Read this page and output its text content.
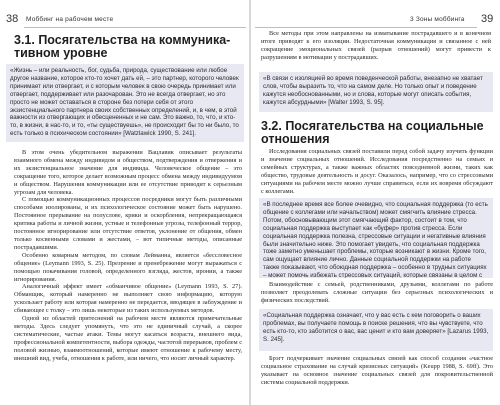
38 Моббинг на рабочем месте
3.1. Посягательства на коммуника-
тивном уровне
«Жизнь – или реальность, бог, судьба, природа, существование или любое другое название, которое кто-то хочет дать ей, – это партнер, которого человек принимает или отвергает, и с которым человек в свою очередь принимает или отвергает, поддерживает или разочарован. Это не всегда отвергает, но это просто не может оставаться в стороне без потери себя от этого экзистенциального партнера своих собственных определений, и, в чем, в этой важности из отвергающих и обесцененных и не сам. Это важно, то, что, и кто-то, в жизни, в нас-то, и то, «ты существуешь», не происходит бы то ни было, то есть только в психическом состоянии» [Watzlawick 1990, S. 241].

В этом очень убедительном выражении Вацлавик описывает результаты взаимного обмена между индивидом и обществом, подтверждения и отвержения и их экзистенциальное значение для индивида. Человеческое общение – это сокращение того, которое делает возможным процесс обмена между индивидуумом и обществом. Нарушения коммуникации или ее отсутствие приводит к серьезным угрозам для человека.

С помощью коммуникационных процессов посредники могут быть различными способами изолированы, и их психологическое состояние может быть нарушено. Постоянное прерывание на полуслове, крики и оскорбления, непрекращающаяся критика работы и личной жизни, устные и телефонные угрозы, телефонный террор, постоянное игнорирование или отсутствие ответов, уклонение от общения, обмен только косвенными словами и жестами, – вот типичные методы, описанные пострадавшими.

Особенно коварным методом, по словам Лейманна, является «бессловесное общение» (Leymann 1993, S. 25). Презрение и пренебрежение могут выражаться с помощью покачивания головой, определенного взгляда, жестов, иронии, а также игнорирования.

Аналогичный эффект имеет «обманчивое общение» (Leymann 1993, S. 27). Обманщик, который намеренно не выполняет свою информацию, которую ускользает работу или которая намеренно не передается, вводящее в заблуждение и сбивающее с толку – это лишь некоторые из таких используемых методов.

Одной из областей притеснений на рабочем месте являются примечательные методы. Здесь следует упомянуть, что это не единичный случай, а скорее систематические, частые атаки. Темы могут касаться возраста, внешнего вида, профессиональной компетентности, выбора одежды, частотой перерывов, проблем с половой жизнью, взаимоотношений, которые имеют отношение к рабочему месту, внешний вид, учеба, отношения к работе, или ничего, что носит личный характер.

3 Зоны моббинга 39

Все методы при этом направлены на изматывание пострадавшего и в конечном итоге приводят к его изоляции. Недостаточная коммуникация и связанное с ней сокращение эмоциональных связей (разрыв отношений) могут привести к разрушениям в мотивации у пострадавших.

«В связи с изоляцией во время поведенческой работы, внезапно не хватает слов, чтобы выразить то, что на самом деле. Но только опыт и поведение кажутся необоснованными, но и слова, которые могут описать события, кажутся абсурдными» [Walter 1993, S. 95].
3.2. Посягательства на социальные
отношения

Исследования социальных связей поставили перед собой задачу изучить функции и значение социальных отношений. Исследования посредственно на семьях и семейных структурах, а также важных областях повседневной жизни, таких как общество, трудовые деятельность и досуг. Оказалось, например, что со стрессовыми ситуациями на рабочем месте можно лучше справиться, если их вовремя обсуждают с коллегами.

«В последнее время все более очевидно, что социальная поддержка (то есть общение с коллегами или начальством) может смягчить влияние стресса. Потом, обосновывающим этот смягчающий фактор, состоит в том, что социальная поддержка выступает как «буфер» против стресса. Если социальная поддержка полезна, стрессовые ситуации и негативные влияния были значительно ниже. Это помогает увидеть, что социальная поддержка тоже заметно уменьшает проблемы, которые возникают в жизни. Кроме того, сам ощущает влияние лично. Данные социальной поддержки на работе также показывают, что обоюдная поддержка – особенно в трудных ситуациях – может помочь избежать стрессовых ситуаций, которые связаны в целом с

Взаимодействие с семьей, родственниками, друзьями, коллегами по работе позволяет преодолевать сложные ситуации без серьезных психологических и физических последствий.

«Социальная поддержка означает, что у вас есть с кем поговорить о ваших проблемах, вы получаете помощь в поиске решения, что вы чувствуете, что есть кто-то, кто заботится о вас, вас ценит и кто вам доверяет» [Lazarus 1993, S. 245].

Брэгт подчеркивает значение социальных связей как способ создания «частное социальное страхование на случай кризисных ситуаций» (Keupp 1988, S. 69ff). Это указывает на основное значение социальных связей для покровительственной системы социальной поддержки.
